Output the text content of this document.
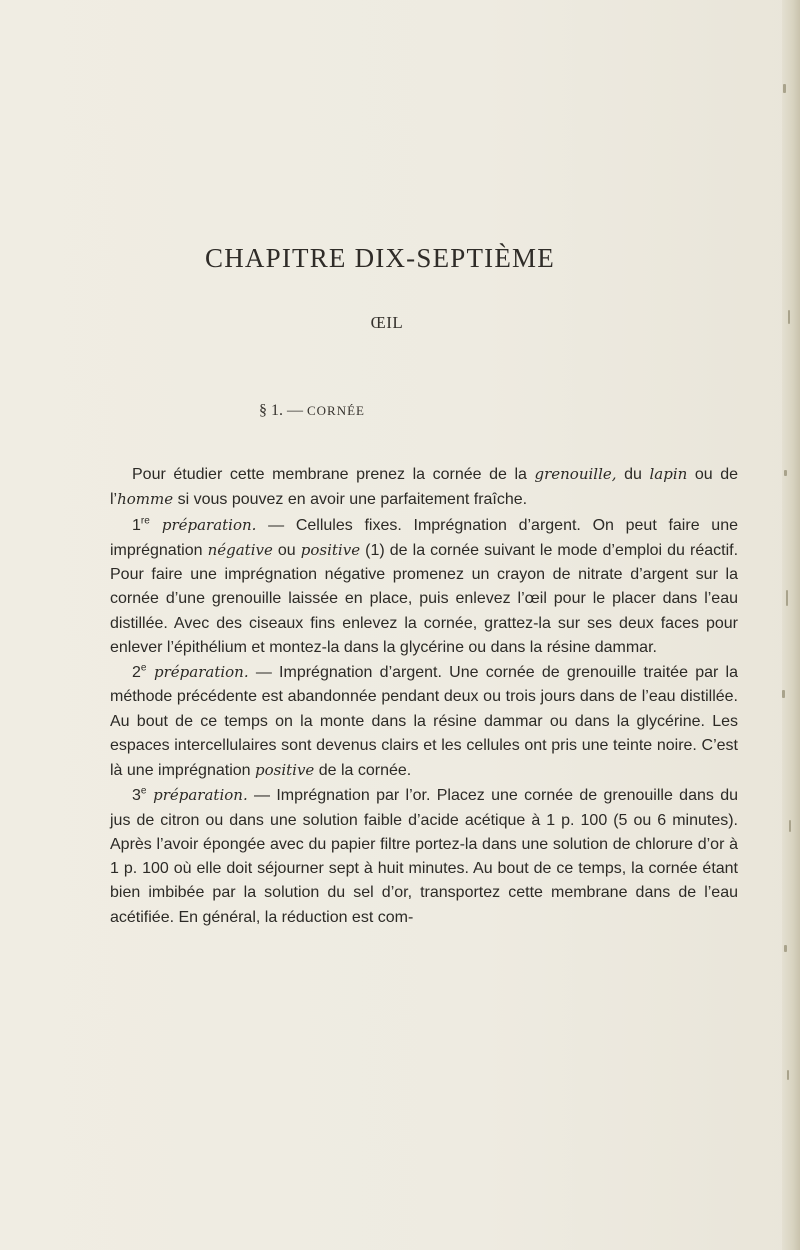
CHAPITRE DIX-SEPTIÈME
ŒIL
§ 1. — CORNÉE

Pour étudier cette membrane prenez la cornée de la grenouille, du lapin ou de l’homme si vous pouvez en avoir une parfaitement fraîche.

1re préparation. — Cellules fixes. Imprégnation d’argent. On peut faire une imprégnation négative ou positive (1) de la cornée suivant le mode d’emploi du réactif. Pour faire une imprégnation négative promenez un crayon de nitrate d’argent sur la cornée d’une grenouille laissée en place, puis enlevez l’œil pour le placer dans l’eau distillée. Avec des ciseaux fins enlevez la cornée, grattez-la sur ses deux faces pour enlever l’épithélium et montez-la dans la glycérine ou dans la résine dammar.

2e préparation. — Imprégnation d’argent. Une cornée de grenouille traitée par la méthode précédente est abandonnée pendant deux ou trois jours dans de l’eau distillée. Au bout de ce temps on la monte dans la résine dammar ou dans la glycérine. Les espaces intercellulaires sont devenus clairs et les cellules ont pris une teinte noire. C’est là une imprégnation positive de la cornée.

3e préparation. — Imprégnation par l’or. Placez une cornée de grenouille dans du jus de citron ou dans une solution faible d’acide acétique à 1 p. 100 (5 ou 6 minutes). Après l’avoir épongée avec du papier filtre portez-la dans une solution de chlorure d’or à 1 p. 100 où elle doit séjourner sept à huit minutes. Au bout de ce temps, la cornée étant bien imbibée par la solution du sel d’or, transportez cette membrane dans de l’eau acétifiée. En général, la réduction est com-
